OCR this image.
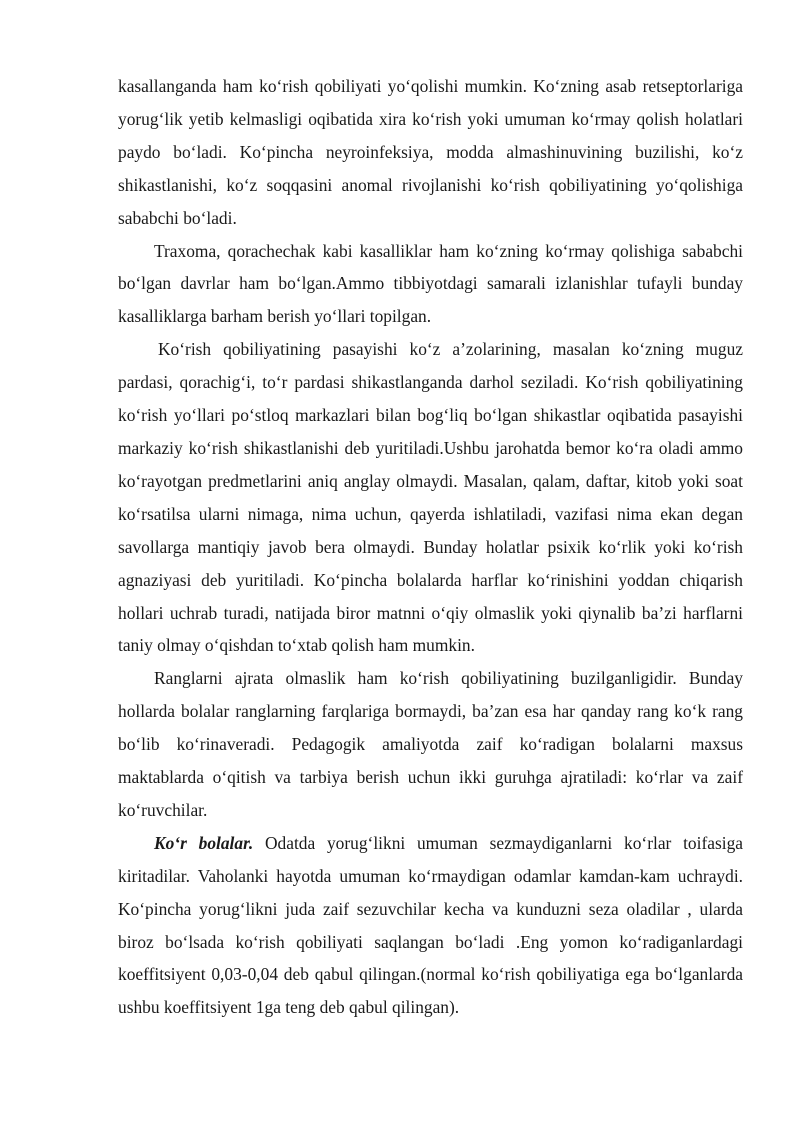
kasallanganda ham ko‘rish qobiliyati yo‘qolishi mumkin. Ko‘zning asab retseptorlariga yorug‘lik yetib kelmasligi oqibatida xira ko‘rish yoki umuman ko‘rmay qolish holatlari paydo bo‘ladi. Ko‘pincha neyroinfeksiya, modda almashinuvining buzilishi, ko‘z shikastlanishi, ko‘z soqqasini anomal rivojlanishi ko‘rish qobiliyatining yo‘qolishiga sababchi bo‘ladi.

Traxoma, qorachechak kabi kasalliklar ham ko‘zning ko‘rmay qolishiga sababchi bo‘lgan davrlar ham bo‘lgan.Ammo tibbiyotdagi samarali izlanishlar tufayli bunday kasalliklarga barham berish yo‘llari topilgan.

Ko‘rish qobiliyatining pasayishi ko‘z a’zolarining, masalan ko‘zning muguz pardasi, qorachig‘i, to‘r pardasi shikastlanganda darhol seziladi. Ko‘rish qobiliyatining ko‘rish yo‘llari po‘stloq markazlari bilan bog‘liq bo‘lgan shikastlar oqibatida pasayishi markaziy ko‘rish shikastlanishi deb yuritiladi.Ushbu jarohatda bemor ko‘ra oladi ammo ko‘rayotgan predmetlarini aniq anglay olmaydi. Masalan, qalam, daftar, kitob yoki soat ko‘rsatilsa ularni nimaga, nima uchun, qayerda ishlatiladi, vazifasi nima ekan degan savollarga mantiqiy javob bera olmaydi. Bunday holatlar psixik ko‘rlik yoki ko‘rish agnaziyasi deb yuritiladi. Ko‘pincha bolalarda harflar ko‘rinishini yoddan chiqarish hollari uchrab turadi, natijada biror matnni o‘qiy olmaslik yoki qiynalib ba’zi harflarni taniy olmay o‘qishdan to‘xtab qolish ham mumkin.

Ranglarni ajrata olmaslik ham ko‘rish qobiliyatining buzilganligidir. Bunday hollarda bolalar ranglarning farqlariga bormaydi, ba’zan esa har qanday rang ko‘k rang bo‘lib ko‘rinaveradi. Pedagogik amaliyotda zaif ko‘radigan bolalarni maxsus maktablarda o‘qitish va tarbiya berish uchun ikki guruhga ajratiladi: ko‘rlar va zaif ko‘ruvchilar.

Ko‘r bolalar. Odatda yorug‘likni umuman sezmaydiganlarni ko‘rlar toifasiga kiritadilar. Vaholanki hayotda umuman ko‘rmaydigan odamlar kamdan-kam uchraydi. Ko‘pincha yorug‘likni juda zaif sezuvchilar kecha va kunduzni seza oladilar , ularda biroz bo‘lsada ko‘rish qobiliyati saqlangan bo‘ladi .Eng yomon ko‘radiganlardagi koeffitsiyent 0,03-0,04 deb qabul qilingan.(normal ko‘rish qobiliyatiga ega bo‘lganlarda ushbu koeffitsiyent 1ga teng deb qabul qilingan).
